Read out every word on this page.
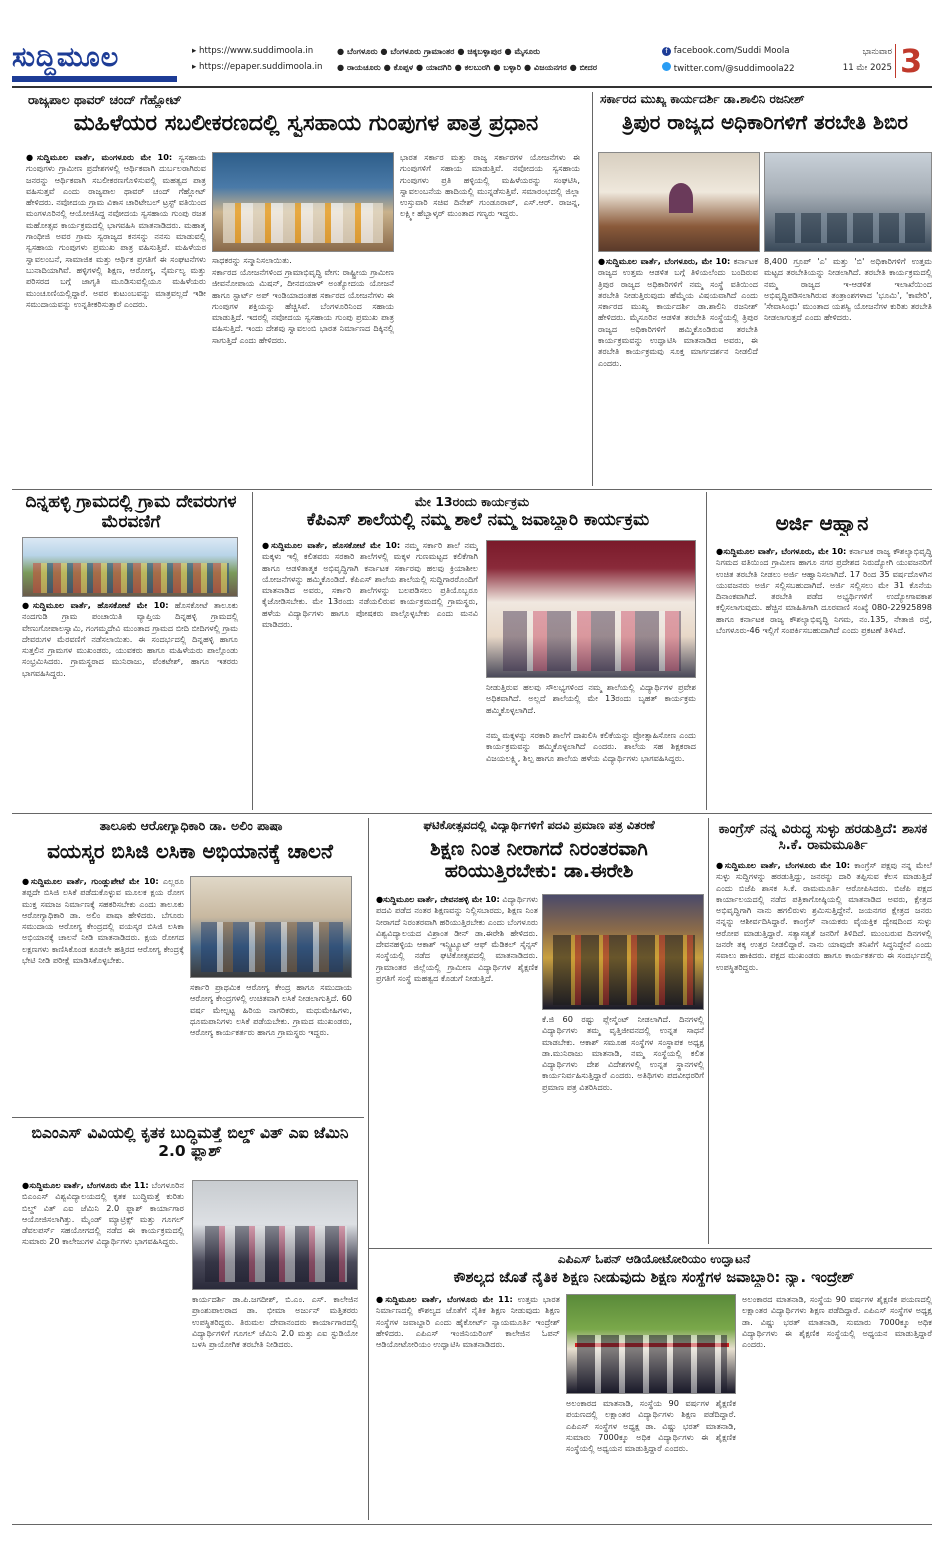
ಸುದ್ದಿಮೂಲ	▸ https://www.suddimoola.in
▸ https://epaper.suddimoola.in
● ಬೆಂಗಳೂರು ● ಬೆಂಗಳೂರು ಗ್ರಾಮಾಂತರ ● ಚಿಕ್ಕಬಳ್ಳಾಪುರ ● ಮೈಸೂರು
● ರಾಯಚೂರು ● ಕೊಪ್ಪಳ ● ಯಾದಗಿರಿ ● ಕಲಬುರಗಿ ● ಬಳ್ಳಾರಿ ● ವಿಜಯನಗರ ● ಬೀದರ
f facebook.com/Suddi Moola
twitter.com/@suddimoola22
ಭಾನುವಾರ
11 ಮೇ 2025 3
ರಾಜ್ಯಪಾಲ ಥಾವರ್ ಚಂದ್ ಗೆಹ್ಲೋಟ್
ಮಹಿಳೆಯರ ಸಬಲೀಕರಣದಲ್ಲಿ ಸ್ವಸಹಾಯ ಗುಂಪುಗಳ ಪಾತ್ರ ಪ್ರಧಾನ
●ಸುದ್ದಿಮೂಲ ವಾರ್ತೆ, ಮಂಗಳೂರು ಮೇ 10: ಸ್ವಸಹಾಯ ಗುಂಪುಗಳು ಗ್ರಾಮೀಣ ಪ್ರದೇಶಗಳಲ್ಲಿ ಆರ್ಥಿಕವಾಗಿ ದುರ್ಬಲರಾಗಿರುವ ಜನರನ್ನು ಆರ್ಥಿಕವಾಗಿ ಸಬಲೀಕರಣಗೊಳಿಸುವಲ್ಲಿ ಮಹತ್ವದ ಪಾತ್ರ ವಹಿಸುತ್ತವೆ ಎಂದು ರಾಜ್ಯಪಾಲ ಥಾವರ್ ಚಂದ್ ಗೆಹ್ಲೋಟ್ ಹೇಳಿದರು. ನವೋದಯ ಗ್ರಾಮ ವಿಕಾಸ ಚಾರಿಟೇಬಲ್ ಟ್ರಸ್ಟ್ ವತಿಯಿಂದ ಮಂಗಳೂರಿನಲ್ಲಿ ಆಯೋಜಿಸಿದ್ದ ನವೋದಯ ಸ್ವಸಹಾಯ ಗುಂಪು ರಜತ ಮಹೋತ್ಸವ ಕಾರ್ಯಕ್ರಮದಲ್ಲಿ ಭಾಗವಹಿಸಿ ಮಾತನಾಡಿದರು. ಮಹಾತ್ಮ ಗಾಂಧೀಜಿ ಅವರ ಗ್ರಾಮ ಸ್ವರಾಜ್ಯದ ಕನಸನ್ನು ನನಸು ಮಾಡುವಲ್ಲಿ ಸ್ವಸಹಾಯ ಗುಂಪುಗಳು ಪ್ರಮುಖ ಪಾತ್ರ ವಹಿಸುತ್ತಿವೆ. ಮಹಿಳೆಯರ ಸ್ವಾವಲಂಬನೆ, ಸಾಮಾಜಿಕ ಮತ್ತು ಆರ್ಥಿಕ ಪ್ರಗತಿಗೆ ಈ ಸಂಘಟನೆಗಳು ಬುನಾದಿಯಾಗಿವೆ. ಹಳ್ಳಿಗಳಲ್ಲಿ ಶಿಕ್ಷಣ, ಆರೋಗ್ಯ, ನೈರ್ಮಲ್ಯ ಮತ್ತು ಪರಿಸರದ ಬಗ್ಗೆ ಜಾಗೃತಿ ಮೂಡಿಸುವಲ್ಲಿಯೂ ಮಹಿಳೆಯರು ಮುಂಚೂಣಿಯಲ್ಲಿದ್ದಾರೆ. ಅವರ ಕುಟುಂಬವನ್ನು ಮಾತ್ರವಲ್ಲದೆ ಇಡೀ ಸಮುದಾಯವನ್ನು ಉನ್ನತೀಕರಿಸುತ್ತಾರೆ ಎಂದರು.
ಸಾಧಕರನ್ನು ಸನ್ಮಾನಿಸಲಾಯಿತು.
ಸರ್ಕಾರದ ಯೋಜನೆಗಳಿಂದ ಗ್ರಾಮಾಭಿವೃದ್ಧಿ ವೇಗ: ರಾಷ್ಟ್ರೀಯ ಗ್ರಾಮೀಣ ಜೀವನೋಪಾಯ ಮಿಷನ್, ದೀನದಯಾಳ್ ಅಂತ್ಯೋದಯ ಯೋಜನೆ ಹಾಗೂ ಸ್ಟಾರ್ಟ್ ಅಪ್ ಇಂಡಿಯಾದಂತಹ ಸರ್ಕಾರದ ಯೋಜನೆಗಳು ಈ ಗುಂಪುಗಳ ಶಕ್ತಿಯನ್ನು ಹೆಚ್ಚಿಸಿವೆ. ಬೆಂಗಳೂರಿನಿಂದ ಸಹಾಯ ಮಾಡುತ್ತಿದೆ. ಇದರಲ್ಲಿ ನವೋದಯ ಸ್ವಸಹಾಯ ಗುಂಪು ಪ್ರಮುಖ ಪಾತ್ರ ವಹಿಸುತ್ತಿದೆ. ಇಂದು ದೇಶವು ಸ್ವಾವಲಂಬಿ ಭಾರತ ನಿರ್ಮಾಣದ ದಿಕ್ಕಿನಲ್ಲಿ ಸಾಗುತ್ತಿದೆ ಎಂದು ಹೇಳಿದರು.
ಭಾರತ ಸರ್ಕಾರ ಮತ್ತು ರಾಜ್ಯ ಸರ್ಕಾರಗಳ ಯೋಜನೆಗಳು ಈ ಗುಂಪುಗಳಿಗೆ ಸಹಾಯ ಮಾಡುತ್ತಿವೆ. ನವೋದಯ ಸ್ವಸಹಾಯ ಗುಂಪುಗಳು ಪ್ರತಿ ಹಳ್ಳಿಯಲ್ಲಿ ಮಹಿಳೆಯರನ್ನು ಸಂಘಟಿಸಿ, ಸ್ವಾವಲಂಬನೆಯ ಹಾದಿಯಲ್ಲಿ ಮುನ್ನಡೆಸುತ್ತಿವೆ. ಸಮಾರಂಭದಲ್ಲಿ ಜಿಲ್ಲಾ ಉಸ್ತುವಾರಿ ಸಚಿವ ದಿನೇಶ್ ಗುಂಡೂರಾವ್, ಎಸ್.ಆರ್. ರಾಜನ್ನ, ಲಕ್ಷ್ಮೀ ಹೆಬ್ಬಾಳ್ಕರ್ ಮುಂತಾದ ಗಣ್ಯರು ಇದ್ದರು.
ಸರ್ಕಾರದ ಮುಖ್ಯ ಕಾರ್ಯದರ್ಶಿ ಡಾ.ಶಾಲಿನಿ ರಜನೀಶ್
ತ್ರಿಪುರ ರಾಜ್ಯದ ಅಧಿಕಾರಿಗಳಿಗೆ ತರಬೇತಿ ಶಿಬಿರ
●ಸುದ್ದಿಮೂಲ ವಾರ್ತೆ, ಬೆಂಗಳೂರು, ಮೇ 10: ಕರ್ನಾಟಕ ರಾಜ್ಯದ ಉತ್ತಮ ಆಡಳಿತ ಬಗ್ಗೆ ತಿಳಿಯಲೆಂದು ಬಂದಿರುವ ತ್ರಿಪುರ ರಾಜ್ಯದ ಅಧಿಕಾರಿಗಳಿಗೆ ನಮ್ಮ ಸಂಸ್ಥೆ ವತಿಯಿಂದ ತರಬೇತಿ ನೀಡುತ್ತಿರುವುದು ಹೆಮ್ಮೆಯ ವಿಷಯವಾಗಿದೆ ಎಂದು ಸರ್ಕಾರದ ಮುಖ್ಯ ಕಾರ್ಯದರ್ಶಿ ಡಾ.ಶಾಲಿನಿ ರಜನೀಶ್ ಹೇಳಿದರು. ಮೈಸೂರಿನ ಆಡಳಿತ ತರಬೇತಿ ಸಂಸ್ಥೆಯಲ್ಲಿ ತ್ರಿಪುರ ರಾಜ್ಯದ ಅಧಿಕಾರಿಗಳಿಗೆ ಹಮ್ಮಿಕೊಂಡಿರುವ ತರಬೇತಿ ಕಾರ್ಯಕ್ರಮವನ್ನು ಉದ್ಘಾಟಿಸಿ ಮಾತನಾಡಿದ ಅವರು, ಈ ತರಬೇತಿ ಕಾರ್ಯಕ್ರಮವು ಸೂಕ್ತ ಮಾರ್ಗದರ್ಶನ ನೀಡಲಿದೆ ಎಂದರು.
8,400 ಗ್ರೂಪ್ 'ಎ' ಮತ್ತು 'ಬಿ' ಅಧಿಕಾರಿಗಳಿಗೆ ಉತ್ತಮ ಮಟ್ಟದ ತರಬೇತಿಯನ್ನು ನೀಡಲಾಗಿದೆ. ತರಬೇತಿ ಕಾರ್ಯಕ್ರಮದಲ್ಲಿ ನಮ್ಮ ರಾಜ್ಯದ ಇ-ಆಡಳಿತ ಇಲಾಖೆಯಿಂದ ಅಭಿವೃದ್ಧಿಪಡಿಸಲಾಗಿರುವ ತಂತ್ರಾಂಶಗಳಾದ 'ಭೂಮಿ', 'ಕಾವೇರಿ', 'ಸೇವಾಸಿಂಧು' ಮುಂತಾದ ಯಶಸ್ವಿ ಯೋಜನೆಗಳ ಕುರಿತು ತರಬೇತಿ ನೀಡಲಾಗುತ್ತದೆ ಎಂದು ಹೇಳಿದರು.
ದಿನ್ನಹಳ್ಳಿ ಗ್ರಾಮದಲ್ಲಿ ಗ್ರಾಮ ದೇವರುಗಳ ಮೆರವಣಿಗೆ
●ಸುದ್ದಿಮೂಲ ವಾರ್ತೆ, ಹೊಸಕೋಟೆ ಮೇ 10: ಹೊಸಕೋಟೆ ತಾಲೂಕು ನಂದಗುಡಿ ಗ್ರಾಮ ಪಂಚಾಯಿತಿ ವ್ಯಾಪ್ತಿಯ ದಿನ್ನಹಳ್ಳಿ ಗ್ರಾಮದಲ್ಲಿ ವೇಣುಗೋಪಾಲಸ್ವಾಮಿ, ಗಂಗಮ್ಮದೇವಿ ಮುಂತಾದ ಗ್ರಾಮದ ಬೀದಿ ಬೀದಿಗಳಲ್ಲಿ ಗ್ರಾಮ ದೇವರುಗಳ ಮೆರವಣಿಗೆ ನಡೆಸಲಾಯಿತು. ಈ ಸಂದರ್ಭದಲ್ಲಿ ದಿನ್ನಹಳ್ಳಿ ಹಾಗೂ ಸುತ್ತಲಿನ ಗ್ರಾಮಗಳ ಮುಖಂಡರು, ಯುವಕರು ಹಾಗೂ ಮಹಿಳೆಯರು ಪಾಲ್ಗೊಂಡು ಸಂಭ್ರಮಿಸಿದರು. ಗ್ರಾಮಸ್ಥರಾದ ಮುನಿರಾಜು, ವೆಂಕಟೇಶ್, ಹಾಗೂ ಇತರರು ಭಾಗವಹಿಸಿದ್ದರು.
ಮೇ 13ರಂದು ಕಾರ್ಯಕ್ರಮ
ಕೆಪಿಎಸ್ ಶಾಲೆಯಲ್ಲಿ ನಮ್ಮ ಶಾಲೆ ನಮ್ಮ ಜವಾಬ್ದಾರಿ ಕಾರ್ಯಕ್ರಮ
●ಸುದ್ದಿಮೂಲ ವಾರ್ತೆ, ಹೊಸಕೋಟೆ ಮೇ 10: ನಮ್ಮ ಸರ್ಕಾರಿ ಶಾಲೆ ನಮ್ಮ ಮಕ್ಕಳು ಇಲ್ಲಿ ಕಲಿತವರು ಸರಕಾರಿ ಶಾಲೆಗಳಲ್ಲಿ ಮಕ್ಕಳ ಗುಣಮಟ್ಟದ ಕಲಿಕೆಗಾಗಿ ಹಾಗೂ ಆಡಳಿತಾತ್ಮಕ ಅಭಿವೃದ್ಧಿಗಾಗಿ ಕರ್ನಾಟಕ ಸರ್ಕಾರವು ಹಲವು ಕ್ರಿಯಾಶೀಲ ಯೋಜನೆಗಳನ್ನು ಹಮ್ಮಿಕೊಂಡಿದೆ. ಕೆಪಿಎಸ್ ಶಾಲೆಯ ಶಾಲೆಯಲ್ಲಿ ಸುದ್ದಿಗಾರರೊಂದಿಗೆ ಮಾತನಾಡಿದ ಅವರು, ಸರ್ಕಾರಿ ಶಾಲೆಗಳನ್ನು ಬಲಪಡಿಸಲು ಪ್ರತಿಯೊಬ್ಬರೂ ಕೈಜೋಡಿಸಬೇಕು. ಮೇ 13ರಂದು ನಡೆಯಲಿರುವ ಕಾರ್ಯಕ್ರಮದಲ್ಲಿ ಗ್ರಾಮಸ್ಥರು, ಹಳೆಯ ವಿದ್ಯಾರ್ಥಿಗಳು ಹಾಗೂ ಪೋಷಕರು ಪಾಲ್ಗೊಳ್ಳಬೇಕು ಎಂದು ಮನವಿ ಮಾಡಿದರು.
ನೀಡುತ್ತಿರುವ ಹಲವು ಸೌಲಭ್ಯಗಳಿಂದ ನಮ್ಮ ಶಾಲೆಯಲ್ಲಿ ವಿದ್ಯಾರ್ಥಿಗಳ ಪ್ರವೇಶ ಅಧಿಕವಾಗಿದೆ. ಅಲ್ಲದೆ ಶಾಲೆಯಲ್ಲಿ ಮೇ 13ರಂದು ಬೃಹತ್ ಕಾರ್ಯಕ್ರಮ ಹಮ್ಮಿಕೊಳ್ಳಲಾಗಿದೆ.
ನಮ್ಮ ಮಕ್ಕಳನ್ನು ಸರಕಾರಿ ಶಾಲೆಗೆ ದಾಖಲಿಸಿ ಕಲಿಕೆಯನ್ನು ಪ್ರೋತ್ಸಾಹಿಸೋಣ ಎಂದು ಕಾರ್ಯಕ್ರಮವನ್ನು ಹಮ್ಮಿಕೊಳ್ಳಲಾಗಿದೆ ಎಂದರು. ಶಾಲೆಯ ಸಹ ಶಿಕ್ಷಕರಾದ ವಿಜಯಲಕ್ಷ್ಮಿ, ಶಿಲ್ಪ ಹಾಗೂ ಶಾಲೆಯ ಹಳೆಯ ವಿದ್ಯಾರ್ಥಿಗಳು ಭಾಗವಹಿಸಿದ್ದರು.
ಅರ್ಜಿ ಆಹ್ವಾನ
●ಸುದ್ದಿಮೂಲ ವಾರ್ತೆ, ಬೆಂಗಳೂರು, ಮೇ 10: ಕರ್ನಾಟಕ ರಾಜ್ಯ ಕೌಶಲ್ಯಾಭಿವೃದ್ಧಿ ನಿಗಮದ ವತಿಯಿಂದ ಗ್ರಾಮೀಣ ಹಾಗೂ ನಗರ ಪ್ರದೇಶದ ನಿರುದ್ಯೋಗಿ ಯುವಜನರಿಗೆ ಉಚಿತ ತರಬೇತಿ ನೀಡಲು ಅರ್ಜಿ ಆಹ್ವಾನಿಸಲಾಗಿದೆ. 17 ರಿಂದ 35 ವರ್ಷದೊಳಗಿನ ಯುವಜನರು ಅರ್ಜಿ ಸಲ್ಲಿಸಬಹುದಾಗಿದೆ. ಅರ್ಜಿ ಸಲ್ಲಿಸಲು ಮೇ 31 ಕೊನೆಯ ದಿನಾಂಕವಾಗಿದೆ. ತರಬೇತಿ ಪಡೆದ ಅಭ್ಯರ್ಥಿಗಳಿಗೆ ಉದ್ಯೋಗಾವಕಾಶ ಕಲ್ಪಿಸಲಾಗುವುದು. ಹೆಚ್ಚಿನ ಮಾಹಿತಿಗಾಗಿ ದೂರವಾಣಿ ಸಂಖ್ಯೆ 080-22925898 ಹಾಗೂ ಕರ್ನಾಟಕ ರಾಜ್ಯ ಕೌಶಲ್ಯಾಭಿವೃದ್ಧಿ ನಿಗಮ, ನಂ.135, ನೇತಾಜಿ ರಸ್ತೆ, ಬೆಂಗಳೂರು-46 ಇಲ್ಲಿಗೆ ಸಂಪರ್ಕಿಸಬಹುದಾಗಿದೆ ಎಂದು ಪ್ರಕಟಣೆ ತಿಳಿಸಿದೆ.
ತಾಲೂಕು ಆರೋಗ್ಯಾಧಿಕಾರಿ ಡಾ. ಅಲಿಂ ಪಾಷಾ
ವಯಸ್ಕರ ಬಿಸಿಜಿ ಲಸಿಕಾ ಅಭಿಯಾನಕ್ಕೆ ಚಾಲನೆ
●ಸುದ್ದಿಮೂಲ ವಾರ್ತೆ, ಗುಂಡ್ಲುಪೇಟೆ ಮೇ 10: ಎಲ್ಲರೂ ತಪ್ಪದೇ ಬಿಸಿಜಿ ಲಸಿಕೆ ಪಡೆದುಕೊಳ್ಳುವ ಮೂಲಕ ಕ್ಷಯ ರೋಗ ಮುಕ್ತ ಸಮಾಜ ನಿರ್ಮಾಣಕ್ಕೆ ಸಹಕರಿಸಬೇಕು ಎಂದು ತಾಲೂಕು ಆರೋಗ್ಯಾಧಿಕಾರಿ ಡಾ. ಅಲಿಂ ಪಾಷಾ ಹೇಳಿದರು. ಬೆಗೂರು ಸಮುದಾಯ ಆರೋಗ್ಯ ಕೇಂದ್ರದಲ್ಲಿ ವಯಸ್ಕರ ಬಿಸಿಜಿ ಲಸಿಕಾ ಅಭಿಯಾನಕ್ಕೆ ಚಾಲನೆ ನೀಡಿ ಮಾತನಾಡಿದರು. ಕ್ಷಯ ರೋಗದ ಲಕ್ಷಣಗಳು ಕಾಣಿಸಿಕೊಂಡ ಕೂಡಲೇ ಹತ್ತಿರದ ಆರೋಗ್ಯ ಕೇಂದ್ರಕ್ಕೆ ಭೇಟಿ ನೀಡಿ ಪರೀಕ್ಷೆ ಮಾಡಿಸಿಕೊಳ್ಳಬೇಕು.
ಸರ್ಕಾರಿ ಪ್ರಾಥಮಿಕ ಆರೋಗ್ಯ ಕೇಂದ್ರ ಹಾಗೂ ಸಮುದಾಯ ಆರೋಗ್ಯ ಕೇಂದ್ರಗಳಲ್ಲಿ ಉಚಿತವಾಗಿ ಲಸಿಕೆ ನೀಡಲಾಗುತ್ತಿದೆ. 60 ವರ್ಷ ಮೇಲ್ಪಟ್ಟ ಹಿರಿಯ ನಾಗರಿಕರು, ಮಧುಮೇಹಿಗಳು, ಧೂಮಪಾನಿಗಳು ಲಸಿಕೆ ಪಡೆಯಬೇಕು. ಗ್ರಾಮದ ಮುಖಂಡರು, ಆರೋಗ್ಯ ಕಾರ್ಯಕರ್ತರು ಹಾಗೂ ಗ್ರಾಮಸ್ಥರು ಇದ್ದರು.
ಬಿಎಂಎಸ್ ವಿವಿಯಲ್ಲಿ ಕೃತಕ ಬುದ್ಧಿಮತ್ತೆ ಬಿಲ್ಡ್ ವಿತ್ ಎಐ ಜೆಮಿನಿ 2.0 ಫ್ಲಾಶ್
●ಸುದ್ದಿಮೂಲ ವಾರ್ತೆ, ಬೆಂಗಳೂರು ಮೇ 11: ಬೆಂಗಳೂರಿನ ಬಿಎಂಎಸ್ ವಿಶ್ವವಿದ್ಯಾಲಯದಲ್ಲಿ ಕೃತಕ ಬುದ್ಧಿಮತ್ತೆ ಕುರಿತು ಬಿಲ್ಡ್ ವಿತ್ ಎಐ ಜೆಮಿನಿ 2.0 ಫ್ಲಾಶ್ ಕಾರ್ಯಾಗಾರ ಆಯೋಜಿಸಲಾಗಿತ್ತು. ಮೈಂಡ್ ಮ್ಯಾಟ್ರಿಕ್ಸ್ ಮತ್ತು ಗೂಗಲ್ ಡೆವಲಪರ್ಸ್ ಸಹಯೋಗದಲ್ಲಿ ನಡೆದ ಈ ಕಾರ್ಯಕ್ರಮದಲ್ಲಿ ಸುಮಾರು 20 ಕಾಲೇಜುಗಳ ವಿದ್ಯಾರ್ಥಿಗಳು ಭಾಗವಹಿಸಿದ್ದರು.
ಕಾರ್ಯದರ್ಶಿ ಡಾ.ಪಿ.ಜಗದೀಶ್, ಬಿ.ಎಂ. ಎಸ್. ಕಾಲೇಜಿನ ಪ್ರಾಂಶುಪಾಲರಾದ ಡಾ. ಭೀಮಾ ಅರ್ಜುನ್ ಮತ್ತಿತರರು ಉಪಸ್ಥಿತರಿದ್ದರು. ತಿರುಮಲ ದೇವಾನಂದರು ಕಾರ್ಯಾಗಾರದಲ್ಲಿ ವಿದ್ಯಾರ್ಥಿಗಳಿಗೆ ಗೂಗಲ್ ಜೆಮಿನಿ 2.0 ಮತ್ತು ಎಐ ಸ್ಟುಡಿಯೋ ಬಳಸಿ ಪ್ರಾಯೋಗಿಕ ತರಬೇತಿ ನೀಡಿದರು.
ಘಟಿಕೋತ್ಸವದಲ್ಲಿ ವಿದ್ಯಾರ್ಥಿಗಳಿಗೆ ಪದವಿ ಪ್ರಮಾಣ ಪತ್ರ ವಿತರಣೆ
ಶಿಕ್ಷಣ ನಿಂತ ನೀರಾಗದೆ ನಿರಂತರವಾಗಿ ಹರಿಯುತ್ತಿರಬೇಕು: ಡಾ.ಈರೇಶಿ
●ಸುದ್ದಿಮೂಲ ವಾರ್ತೆ, ದೇವನಹಳ್ಳಿ ಮೇ 10: ವಿದ್ಯಾರ್ಥಿಗಳು ಪದವಿ ಪಡೆದ ನಂತರ ಶಿಕ್ಷಣವನ್ನು ನಿಲ್ಲಿಸಬಾರದು, ಶಿಕ್ಷಣ ನಿಂತ ನೀರಾಗದೆ ನಿರಂತರವಾಗಿ ಹರಿಯುತ್ತಿರಬೇಕು ಎಂದು ಬೆಂಗಳೂರು ವಿಶ್ವವಿದ್ಯಾಲಯದ ವಿಶ್ರಾಂತ ಡೀನ್ ಡಾ.ಈರೇಶಿ ಹೇಳಿದರು. ದೇವನಹಳ್ಳಿಯ ಆಕಾಶ್ ಇನ್ಸ್ಟಿಟ್ಯೂಟ್ ಆಫ್ ಮೆಡಿಕಲ್ ಸೈನ್ಸಸ್ ಸಂಸ್ಥೆಯಲ್ಲಿ ನಡೆದ ಘಟಿಕೋತ್ಸವದಲ್ಲಿ ಮಾತನಾಡಿದರು. ಗ್ರಾಮಾಂತರ ಜಿಲ್ಲೆಯಲ್ಲಿ ಗ್ರಾಮೀಣ ವಿದ್ಯಾರ್ಥಿಗಳ ಶೈಕ್ಷಣಿಕ ಪ್ರಗತಿಗೆ ಸಂಸ್ಥೆ ಮಹತ್ವದ ಕೊಡುಗೆ ನೀಡುತ್ತಿದೆ.
ಕೆ.ಜಿ 60 ರಷ್ಟು ಪ್ಲೇಸ್ಮೆಂಟ್ ನೀಡಲಾಗಿದೆ. ದಿನಗಳಲ್ಲಿ ವಿದ್ಯಾರ್ಥಿಗಳು ತಮ್ಮ ವೃತ್ತಿಜೀವನದಲ್ಲಿ ಉನ್ನತ ಸಾಧನೆ ಮಾಡಬೇಕು. ಆಕಾಶ್ ಸಮೂಹ ಸಂಸ್ಥೆಗಳ ಸಂಸ್ಥಾಪಕ ಅಧ್ಯಕ್ಷ ಡಾ.ಮುನಿರಾಜು ಮಾತನಾಡಿ, ನಮ್ಮ ಸಂಸ್ಥೆಯಲ್ಲಿ ಕಲಿತ ವಿದ್ಯಾರ್ಥಿಗಳು ದೇಶ ವಿದೇಶಗಳಲ್ಲಿ ಉನ್ನತ ಸ್ಥಾನಗಳಲ್ಲಿ ಕಾರ್ಯನಿರ್ವಹಿಸುತ್ತಿದ್ದಾರೆ ಎಂದರು. ಅತಿಥಿಗಳು ಪದವೀಧರರಿಗೆ ಪ್ರಮಾಣ ಪತ್ರ ವಿತರಿಸಿದರು.
ಕಾಂಗ್ರೆಸ್ ನನ್ನ ವಿರುದ್ಧ ಸುಳ್ಳು ಹರಡುತ್ತಿದೆ: ಶಾಸಕ ಸಿ.ಕೆ. ರಾಮಮೂರ್ತಿ
●ಸುದ್ದಿಮೂಲ ವಾರ್ತೆ, ಬೆಂಗಳೂರು ಮೇ 10: ಕಾಂಗ್ರೆಸ್ ಪಕ್ಷವು ನನ್ನ ಮೇಲೆ ಸುಳ್ಳು ಸುದ್ದಿಗಳನ್ನು ಹರಡುತ್ತಿದ್ದು, ಜನರನ್ನು ದಾರಿ ತಪ್ಪಿಸುವ ಕೆಲಸ ಮಾಡುತ್ತಿದೆ ಎಂದು ಬಿಜೆಪಿ ಶಾಸಕ ಸಿ.ಕೆ. ರಾಮಮೂರ್ತಿ ಆರೋಪಿಸಿದರು. ಬಿಜೆಪಿ ಪಕ್ಷದ ಕಾರ್ಯಾಲಯದಲ್ಲಿ ನಡೆದ ಪತ್ರಿಕಾಗೋಷ್ಠಿಯಲ್ಲಿ ಮಾತನಾಡಿದ ಅವರು, ಕ್ಷೇತ್ರದ ಅಭಿವೃದ್ಧಿಗಾಗಿ ನಾನು ಹಗಲಿರುಳು ಶ್ರಮಿಸುತ್ತಿದ್ದೇನೆ. ಜಯನಗರ ಕ್ಷೇತ್ರದ ಜನರು ನನ್ನನ್ನು ಆಶೀರ್ವದಿಸಿದ್ದಾರೆ. ಕಾಂಗ್ರೆಸ್ ನಾಯಕರು ವೈಯಕ್ತಿಕ ದ್ವೇಷದಿಂದ ಸುಳ್ಳು ಆರೋಪ ಮಾಡುತ್ತಿದ್ದಾರೆ. ಸತ್ಯಾಸತ್ಯತೆ ಜನರಿಗೆ ತಿಳಿದಿದೆ. ಮುಂಬರುವ ದಿನಗಳಲ್ಲಿ ಜನರೇ ತಕ್ಕ ಉತ್ತರ ನೀಡಲಿದ್ದಾರೆ. ನಾನು ಯಾವುದೇ ತನಿಖೆಗೆ ಸಿದ್ಧನಿದ್ದೇನೆ ಎಂದು ಸವಾಲು ಹಾಕಿದರು. ಪಕ್ಷದ ಮುಖಂಡರು ಹಾಗೂ ಕಾರ್ಯಕರ್ತರು ಈ ಸಂದರ್ಭದಲ್ಲಿ ಉಪಸ್ಥಿತರಿದ್ದರು.
ಎಪಿಎಸ್ ಓಪನ್ ಆಡಿಯೋಟೋರಿಯಂ ಉದ್ಘಾಟನೆ
ಕೌಶಲ್ಯದ ಜೊತೆ ನೈತಿಕ ಶಿಕ್ಷಣ ನೀಡುವುದು ಶಿಕ್ಷಣ ಸಂಸ್ಥೆಗಳ ಜವಾಬ್ದಾರಿ: ನ್ಯಾ. ಇಂದ್ರೇಶ್
●ಸುದ್ದಿಮೂಲ ವಾರ್ತೆ, ಬೆಂಗಳೂರು ಮೇ 11: ಉತ್ತಮ ಭಾರತ ನಿರ್ಮಾಣದಲ್ಲಿ ಕೌಶಲ್ಯದ ಜೊತೆಗೆ ನೈತಿಕ ಶಿಕ್ಷಣ ನೀಡುವುದು ಶಿಕ್ಷಣ ಸಂಸ್ಥೆಗಳ ಜವಾಬ್ದಾರಿ ಎಂದು ಹೈಕೋರ್ಟ್ ನ್ಯಾಯಮೂರ್ತಿ ಇಂದ್ರೇಶ್ ಹೇಳಿದರು. ಎಪಿಎಸ್ ಇಂಜಿನಿಯರಿಂಗ್ ಕಾಲೇಜಿನ ಓಪನ್ ಆಡಿಯೋಟೋರಿಯಂ ಉದ್ಘಾಟಿಸಿ ಮಾತನಾಡಿದರು.
ಅಲಂಕಾರದ ಮಾತನಾಡಿ, ಸಂಸ್ಥೆಯ 90 ವರ್ಷಗಳ ಶೈಕ್ಷಣಿಕ ಪಯಣದಲ್ಲಿ ಲಕ್ಷಾಂತರ ವಿದ್ಯಾರ್ಥಿಗಳು ಶಿಕ್ಷಣ ಪಡೆದಿದ್ದಾರೆ. ಎಪಿಎಸ್ ಸಂಸ್ಥೆಗಳ ಅಧ್ಯಕ್ಷ ಡಾ. ವಿಷ್ಣು ಭರತ್ ಮಾತನಾಡಿ, ಸುಮಾರು 7000ಕ್ಕೂ ಅಧಿಕ ವಿದ್ಯಾರ್ಥಿಗಳು ಈ ಶೈಕ್ಷಣಿಕ ಸಂಸ್ಥೆಯಲ್ಲಿ ಅಧ್ಯಯನ ಮಾಡುತ್ತಿದ್ದಾರೆ ಎಂದರು.
ಅಲಂಕಾರದ ಮಾತನಾಡಿ, ಸಂಸ್ಥೆಯ 90 ವರ್ಷಗಳ ಶೈಕ್ಷಣಿಕ ಪಯಣದಲ್ಲಿ ಲಕ್ಷಾಂತರ ವಿದ್ಯಾರ್ಥಿಗಳು ಶಿಕ್ಷಣ ಪಡೆದಿದ್ದಾರೆ. ಎಪಿಎಸ್ ಸಂಸ್ಥೆಗಳ ಅಧ್ಯಕ್ಷ ಡಾ. ವಿಷ್ಣು ಭರತ್ ಮಾತನಾಡಿ, ಸುಮಾರು 7000ಕ್ಕೂ ಅಧಿಕ ವಿದ್ಯಾರ್ಥಿಗಳು ಈ ಶೈಕ್ಷಣಿಕ ಸಂಸ್ಥೆಯಲ್ಲಿ ಅಧ್ಯಯನ ಮಾಡುತ್ತಿದ್ದಾರೆ ಎಂದರು.
